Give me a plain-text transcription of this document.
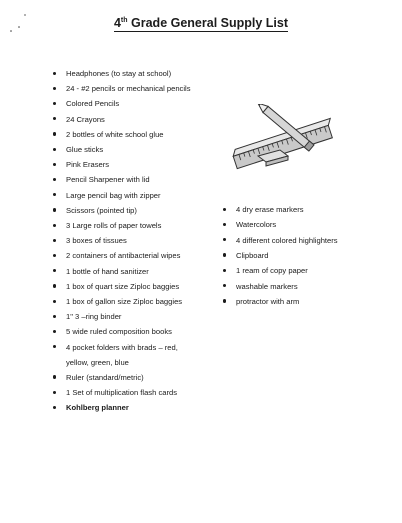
4th Grade General Supply List
Headphones (to stay at school)
24 - #2 pencils or mechanical pencils
Colored Pencils
24 Crayons
2 bottles of white school glue
Glue sticks
Pink Erasers
Pencil Sharpener with lid
Large pencil bag with zipper
Scissors (pointed tip)
3 Large rolls of paper towels
3 boxes of tissues
2 containers of antibacterial wipes
1 bottle of hand sanitizer
1 box of quart size Ziploc baggies
1 box of gallon size Ziploc baggies
1" 3 –ring binder
5 wide ruled composition books
4 pocket folders with brads – red,
yellow, green, blue
Ruler (standard/metric)
1 Set of multiplication flash cards
Kohlberg planner
4 dry erase markers
Watercolors
4 different colored highlighters
Clipboard
1 ream of copy paper
washable markers
protractor with arm
